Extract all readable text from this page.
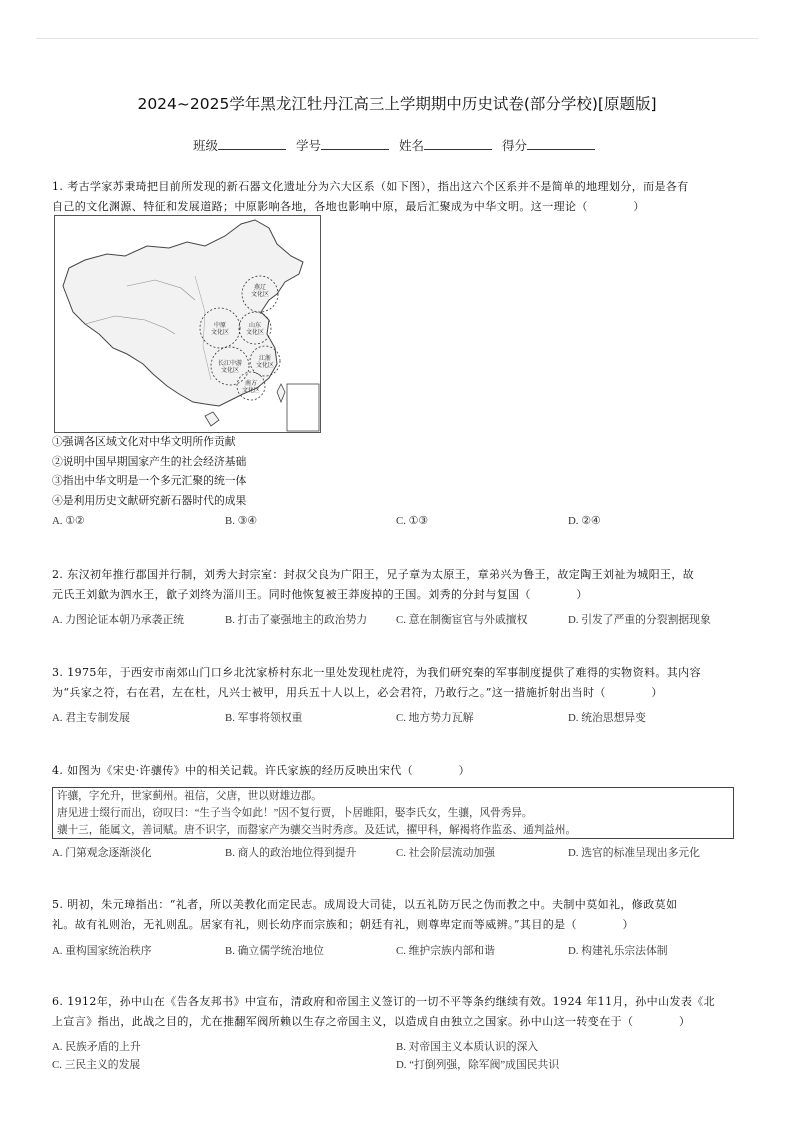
2024~2025学年黑龙江牡丹江高三上学期期中历史试卷(部分学校)[原题版]
班级	学号	姓名	得分
1. 考古学家苏秉琦把目前所发现的新石器文化遗址分为六大区系（如下图），指出这六个区系并不是简单的地理划分，而是各有
自己的文化渊源、特征和发展道路；中原影响各地，各地也影响中原，最后汇聚成为中华文明。这一理论（　　　　）
燕辽文化区
中原文化区
山东文化区
长江中游文化区
江浙文化区
南方文化区
①强调各区域文化对中华文明所作贡献
②说明中国早期国家产生的社会经济基础
③指出中华文明是一个多元汇聚的统一体
④是利用历史文献研究新石器时代的成果
A. ①②	B. ③④	C. ①③	D. ②④
2. 东汉初年推行郡国并行制，刘秀大封宗室：封叔父良为广阳王，兄子章为太原王，章弟兴为鲁王，故定陶王刘祉为城阳王，故
元氏王刘歙为泗水王，歙子刘终为淄川王。同时他恢复被王莽废掉的王国。刘秀的分封与复国（　　　　）
A. 力图论证本朝乃承袭正统	B. 打击了豪强地主的政治势力	C. 意在制衡宦官与外戚擅权	D. 引发了严重的分裂割据现象
3. 1975年，于西安市南郊山门口乡北沈家桥村东北一里处发现杜虎符，为我们研究秦的军事制度提供了难得的实物资料。其内容
为“兵家之符，右在君，左在杜，凡兴士被甲，用兵五十人以上，必会君符，乃敢行之。”这一措施折射出当时（　　　　）
A. 君主专制发展	B. 军事将领权重	C. 地方势力瓦解	D. 统治思想异变
4. 如图为《宋史·许骧传》中的相关记载。许氏家族的经历反映出宋代（　　　　）
许骧，字允升，世家蓟州。祖信，父唐，世以财雄边郡。
唐见进士缀行而出，窃叹曰：“生子当令如此！”因不复行贾，卜居睢阳，娶李氏女，生骧，风骨秀异。
骧十三，能属文，善词赋。唐不识字，而罄家产为骧交当时秀彦。及廷试，擢甲科，解褐将作监丞、通判益州。
A. 门第观念逐渐淡化	B. 商人的政治地位得到提升	C. 社会阶层流动加强	D. 选官的标准呈现出多元化
5. 明初，朱元璋指出：“礼者，所以美教化而定民志。成周设大司徒，以五礼防万民之伪而教之中。夫制中莫如礼，修政莫如
礼。故有礼则治，无礼则乱。居家有礼，则长幼序而宗族和；朝廷有礼，则尊卑定而等威辨。”其目的是（　　　　）
A. 重构国家统治秩序	B. 确立儒学统治地位	C. 维护宗族内部和谐	D. 构建礼乐宗法体制
6. 1912年，孙中山在《告各友邦书》中宣布，清政府和帝国主义签订的一切不平等条约继续有效。1924 年11月，孙中山发表《北
上宣言》指出，此战之目的，尤在推翻军阀所赖以生存之帝国主义，以造成自由独立之国家。孙中山这一转变在于（　　　　）
A. 民族矛盾的上升	B. 对帝国主义本质认识的深入
C. 三民主义的发展	D. “打倒列强，除军阀”成国民共识
